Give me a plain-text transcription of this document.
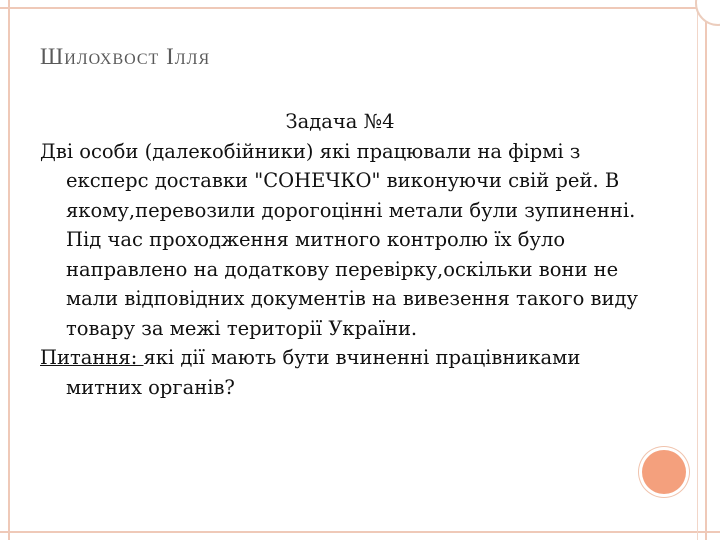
Шилохвост Ілля
Задача №4

Дві особи (далекобійники) які працювали на фірмі з експерс доставки "СОНЕЧКО" виконуючи свій рей. В якому,перевозили дорогоцінні метали були зупиненні. Під час проходження митного контролю їх було направлено на додаткову перевірку,оскільки вони не мали відповідних документів на вивезення такого виду товару за межі території України.

Питання: які дії мають бути вчиненні працівниками митних органів?
